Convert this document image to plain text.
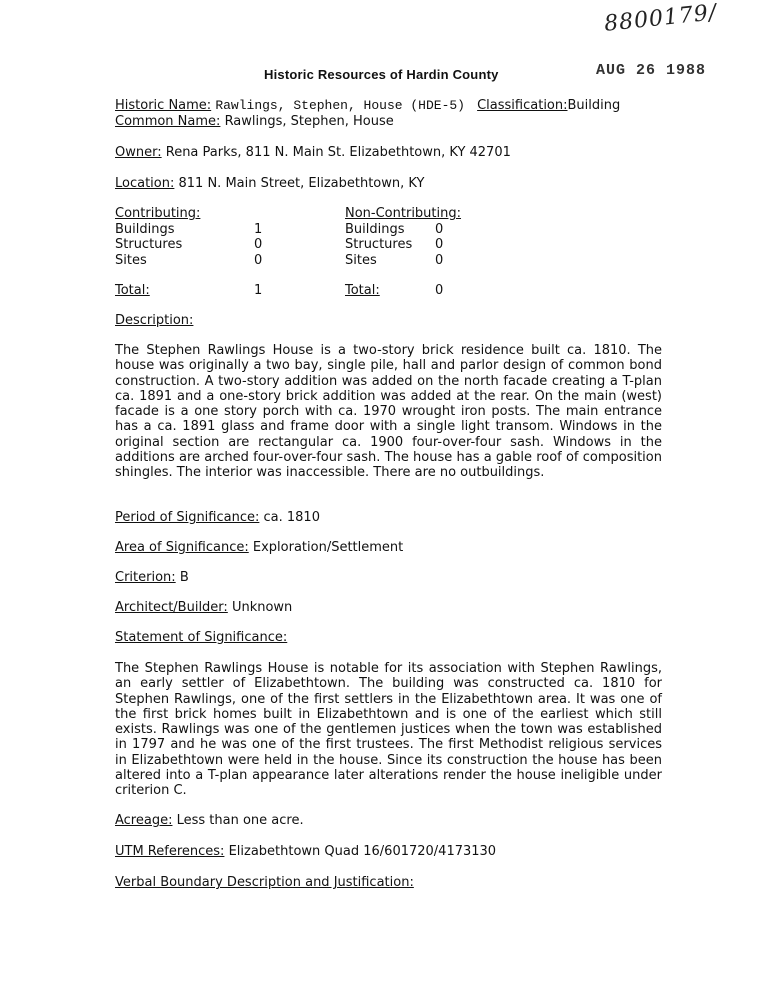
8800179/
AUG 26 1988
Historic Resources of Hardin County
Historic Name: Rawlings, Stephen, House (HDE-5) Classification:Building
Common Name: Rawlings, Stephen, House
Owner: Rena Parks, 811 N. Main St. Elizabethtown, KY 42701
Location: 811 N. Main Street, Elizabethtown, KY
Contributing:
Buildings
Structures
Sites
1
0
0
Total:	1
Non-Contributing:
Buildings
Structures
Sites
0
0
0
Total:	0
Description:
The Stephen Rawlings House is a two-story brick residence built ca. 1810. The house was originally a two bay, single pile, hall and parlor design of common bond construction. A two-story addition was added on the north facade creating a T-plan ca. 1891 and a one-story brick addition was added at the rear. On the main (west) facade is a one story porch with ca. 1970 wrought iron posts. The main entrance has a ca. 1891 glass and frame door with a single light transom. Windows in the original section are rectangular ca. 1900 four-over-four sash. Windows in the additions are arched four-over-four sash. The house has a gable roof of composition shingles. The interior was inaccessible. There are no outbuildings.
Period of Significance: ca. 1810
Area of Significance: Exploration/Settlement
Criterion: B
Architect/Builder: Unknown
Statement of Significance:
The Stephen Rawlings House is notable for its association with Stephen Rawlings, an early settler of Elizabethtown. The building was constructed ca. 1810 for Stephen Rawlings, one of the first settlers in the Elizabethtown area. It was one of the first brick homes built in Elizabethtown and is one of the earliest which still exists. Rawlings was one of the gentlemen justices when the town was established in 1797 and he was one of the first trustees. The first Methodist religious services in Elizabethtown were held in the house. Since its construction the house has been altered into a T-plan appearance later alterations render the house ineligible under criterion C.
Acreage: Less than one acre.
UTM References: Elizabethtown Quad 16/601720/4173130
Verbal Boundary Description and Justification:
